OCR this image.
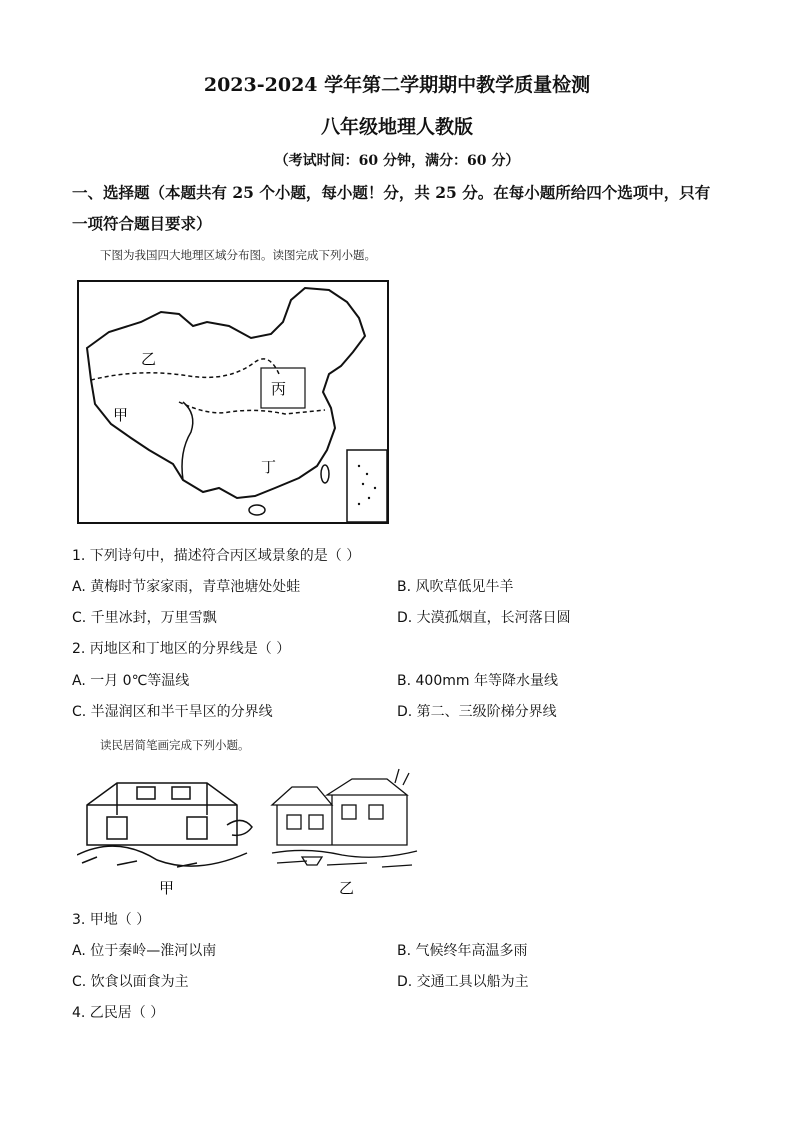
2023-2024 学年第二学期期中教学质量检测
八年级地理人教版
（考试时间：60 分钟，满分：60 分）
一、选择题（本题共有 25 个小题，每小题！分，共 25 分。在每小题所给四个选项中，只有一项符合题目要求）
下图为我国四大地理区域分布图。读图完成下列小题。
乙
甲
丙
丁
1. 下列诗句中，描述符合丙区域景象的是（ ）
A. 黄梅时节家家雨，青草池塘处处蛙	B. 风吹草低见牛羊
C. 千里冰封，万里雪飘	D. 大漠孤烟直，长河落日圆
2. 丙地区和丁地区的分界线是（ ）
A. 一月 0℃等温线	B. 400mm 年等降水量线
C. 半湿润区和半干旱区的分界线	D. 第二、三级阶梯分界线
读民居简笔画完成下列小题。
甲	乙
3. 甲地（ ）
A. 位于秦岭—淮河以南	B. 气候终年高温多雨
C. 饮食以面食为主	D. 交通工具以船为主
4. 乙民居（ ）
